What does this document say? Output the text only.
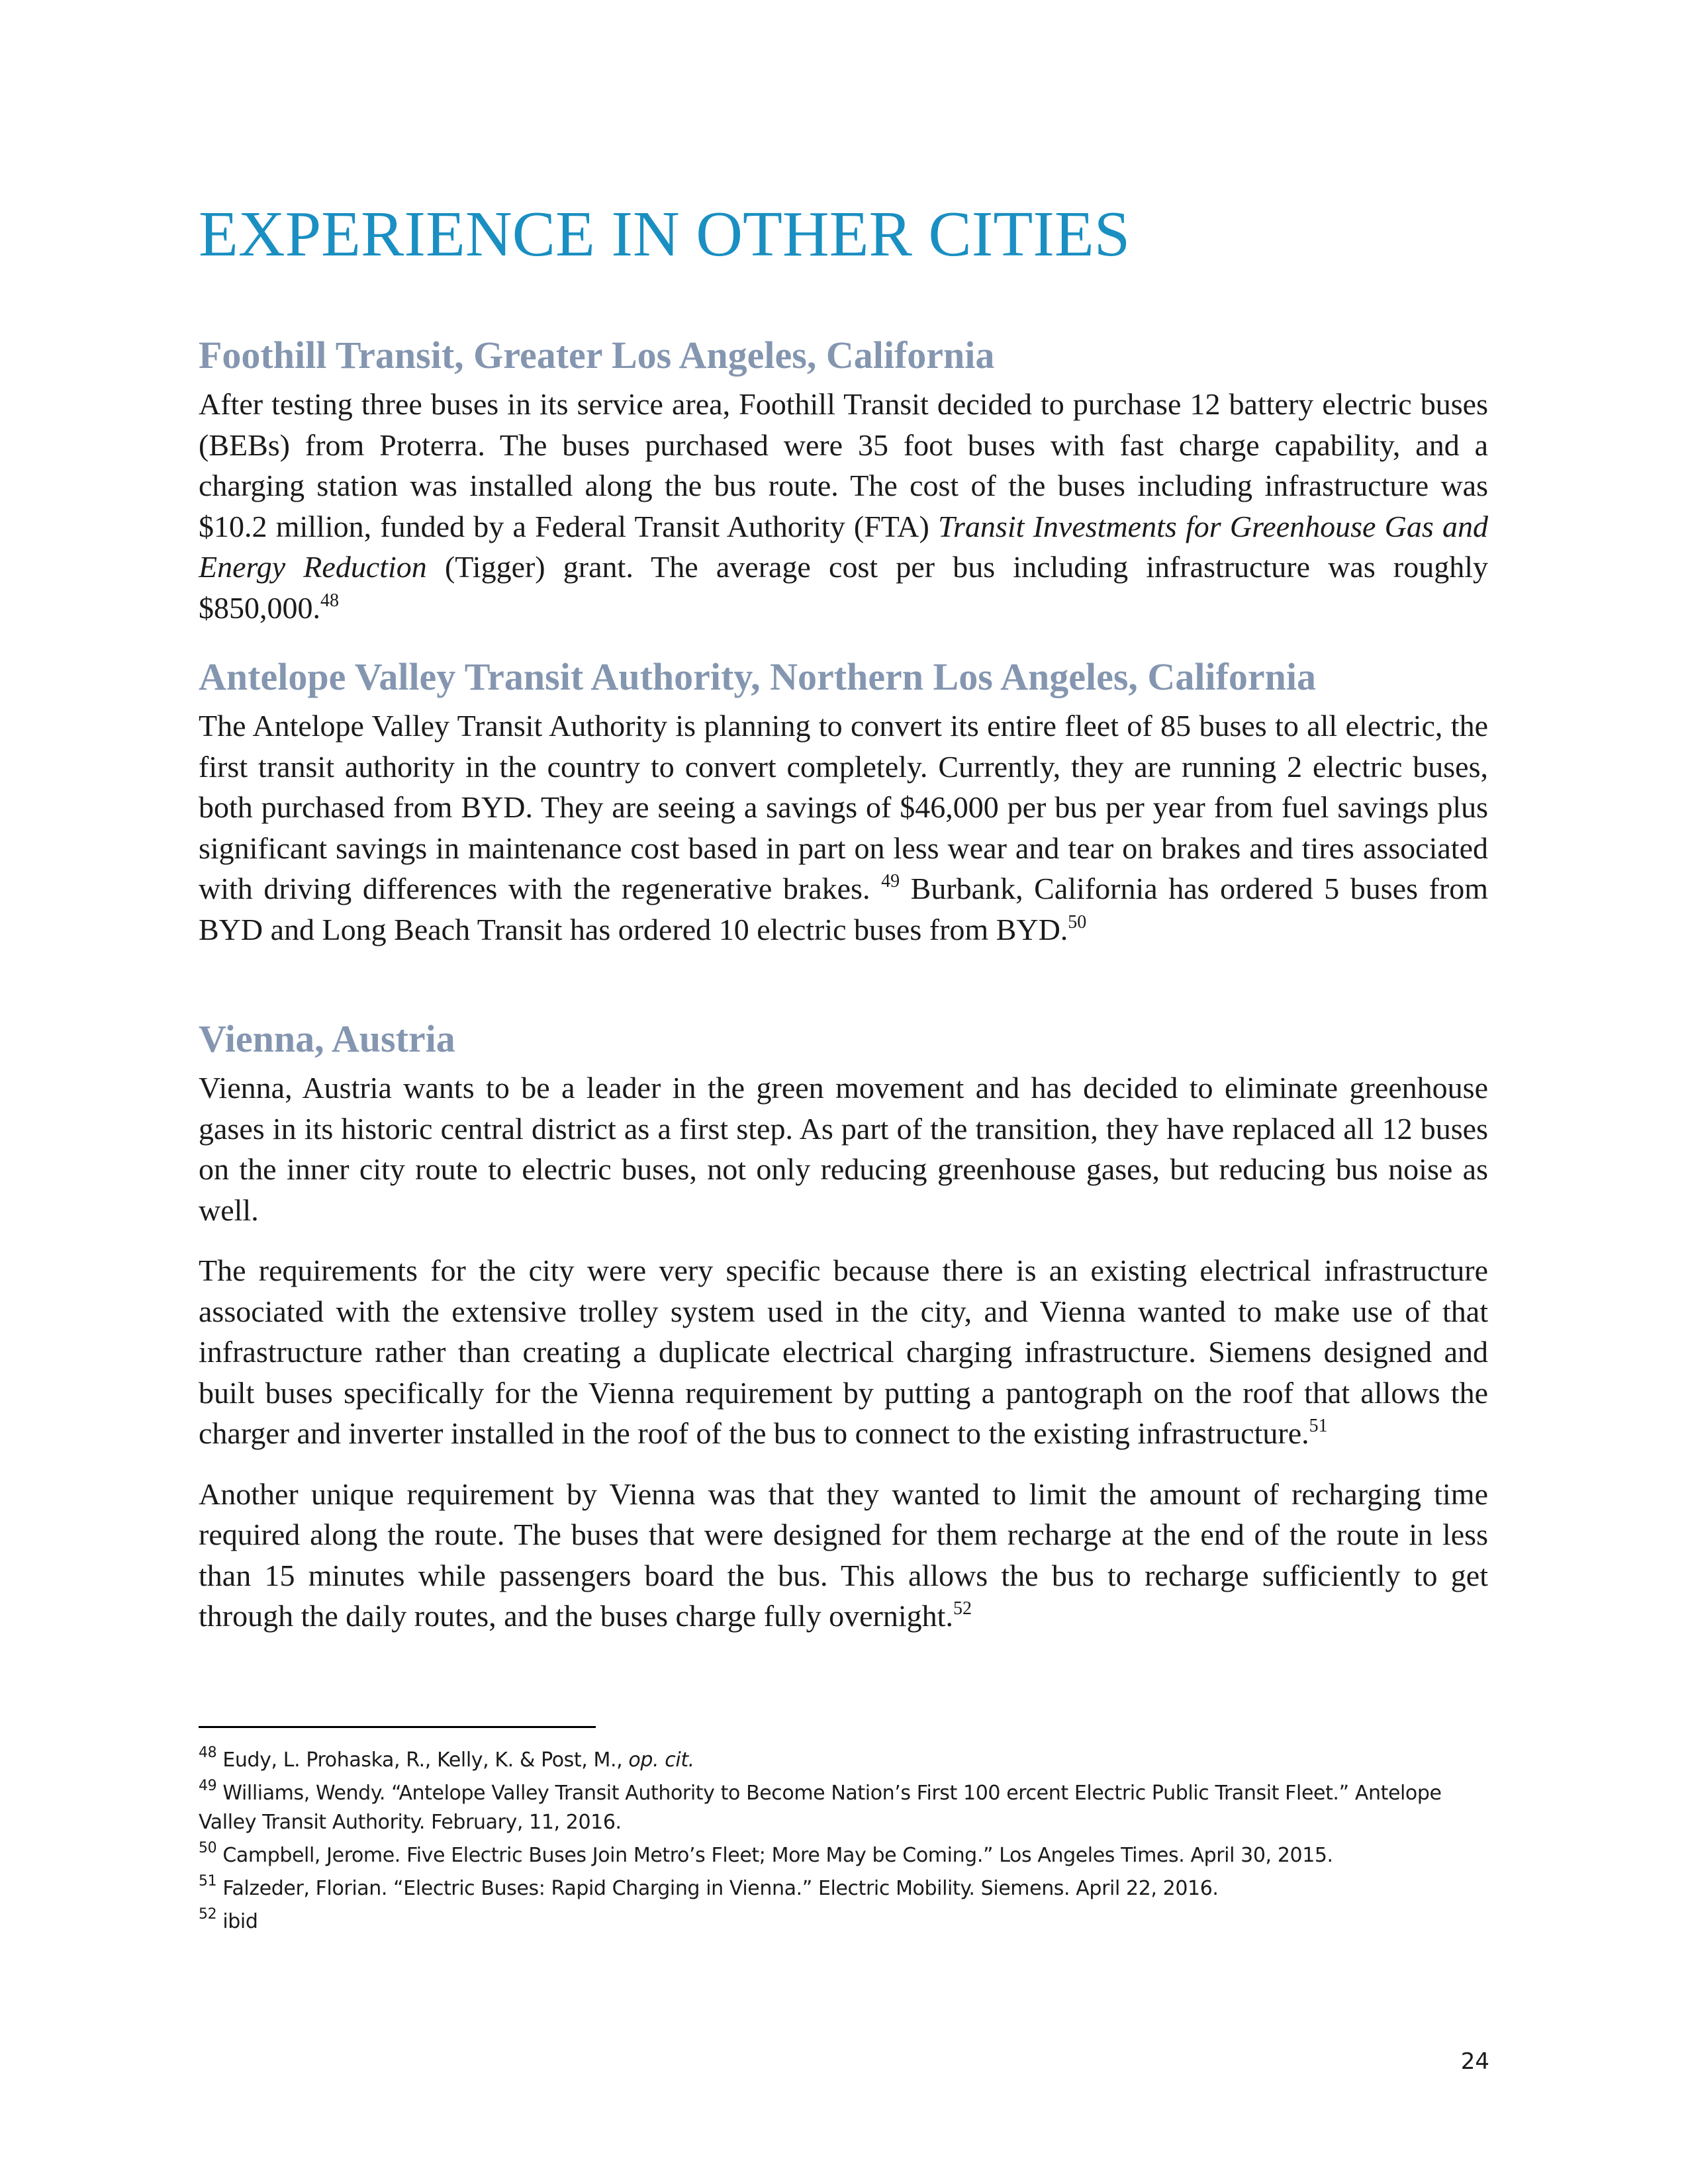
EXPERIENCE IN OTHER CITIES
Foothill Transit, Greater Los Angeles, California

After testing three buses in its service area, Foothill Transit decided to purchase 12 battery electric buses (BEBs) from Proterra. The buses purchased were 35 foot buses with fast charge capability, and a charging station was installed along the bus route. The cost of the buses including infrastructure was $10.2 million, funded by a Federal Transit Authority (FTA) Transit Investments for Greenhouse Gas and Energy Reduction (Tigger) grant. The average cost per bus including infrastructure was roughly $850,000.48

Antelope Valley Transit Authority, Northern Los Angeles, California

The Antelope Valley Transit Authority is planning to convert its entire fleet of 85 buses to all electric, the first transit authority in the country to convert completely. Currently, they are running 2 electric buses, both purchased from BYD. They are seeing a savings of $46,000 per bus per year from fuel savings plus significant savings in maintenance cost based in part on less wear and tear on brakes and tires associated with driving differences with the regenerative brakes. $^{49}$ Burbank, California has ordered 5 buses from BYD and Long Beach Transit has ordered 10 electric buses from BYD.$^{50}$

Vienna, Austria

Vienna, Austria wants to be a leader in the green movement and has decided to eliminate greenhouse gases in its historic central district as a first step. As part of the transition, they have replaced all 12 buses on the inner city route to electric buses, not only reducing greenhouse gases, but reducing bus noise as well.

The requirements for the city were very specific because there is an existing electrical infrastructure associated with the extensive trolley system used in the city, and Vienna wanted to make use of that infrastructure rather than creating a duplicate electrical charging infrastructure. Siemens designed and built buses specifically for the Vienna requirement by putting a pantograph on the roof that allows the charger and inverter installed in the roof of the bus to connect to the existing infrastructure.$^{51}$

Another unique requirement by Vienna was that they wanted to limit the amount of recharging time required along the route. The buses that were designed for them recharge at the end of the route in less than 15 minutes while passengers board the bus. This allows the bus to recharge sufficiently to get through the daily routes, and the buses charge fully overnight.$^{52}$

$^{48}$ Eudy, L. Prohaska, R., Kelly, K. & Post, M., op. cit.

$^{49}$ Williams, Wendy. “Antelope Valley Transit Authority to Become Nation’s First 100 ercent Electric Public Transit Fleet.” Antelope Valley Transit Authority. February, 11, 2016.

$^{50}$ Campbell, Jerome. Five Electric Buses Join Metro’s Fleet; More May be Coming.” Los Angeles Times. April 30, 2015.

$^{51}$ Falzeder, Florian. “Electric Buses: Rapid Charging in Vienna.” Electric Mobility. Siemens. April 22, 2016.

$^{52}$ ibid

24
